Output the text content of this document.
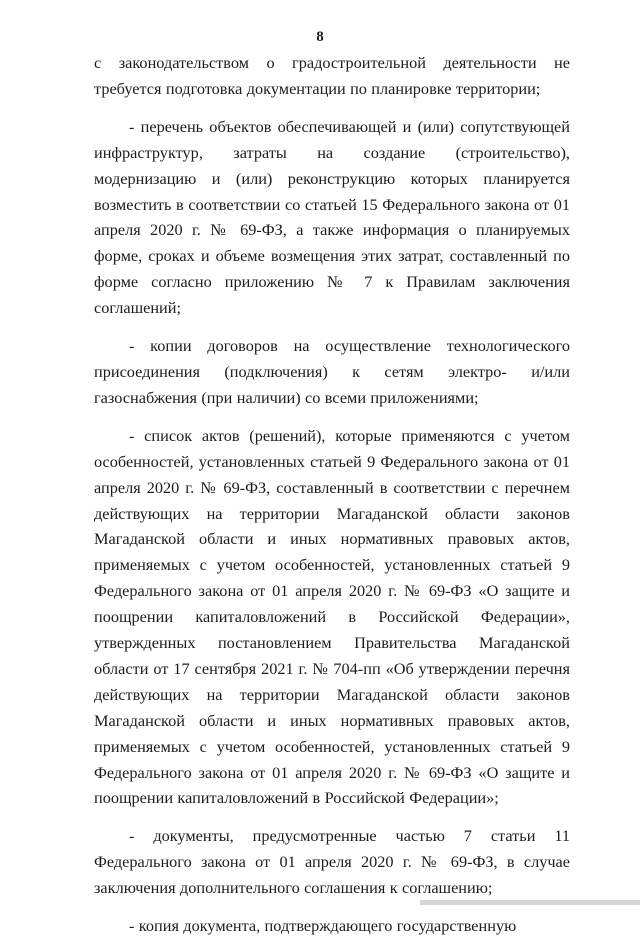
8

с законодательством о градостроительной деятельности не требуется подготовка документации по планировке территории;

- перечень объектов обеспечивающей и (или) сопутствующей инфраструктур, затраты на создание (строительство), модернизацию и (или) реконструкцию которых планируется возместить в соответствии со статьей 15 Федерального закона от 01 апреля 2020 г. № 69-ФЗ, а также информация о планируемых форме, сроках и объеме возмещения этих затрат, составленный по форме согласно приложению № 7 к Правилам заключения соглашений;

- копии договоров на осуществление технологического присоединения (подключения) к сетям электро- и/или газоснабжения (при наличии) со всеми приложениями;

- список актов (решений), которые применяются с учетом особенностей, установленных статьей 9 Федерального закона от 01 апреля 2020 г. № 69-ФЗ, составленный в соответствии с перечнем действующих на территории Магаданской области законов Магаданской области и иных нормативных правовых актов, применяемых с учетом особенностей, установленных статьей 9 Федерального закона от 01 апреля 2020 г. № 69-ФЗ «О защите и поощрении капиталовложений в Российской Федерации», утвержденных постановлением Правительства Магаданской области от 17 сентября 2021 г. № 704-пп «Об утверждении перечня действующих на территории Магаданской области законов Магаданской области и иных нормативных правовых актов, применяемых с учетом особенностей, установленных статьей 9 Федерального закона от 01 апреля 2020 г. № 69-ФЗ «О защите и поощрении капиталовложений в Российской Федерации»;

- документы, предусмотренные частью 7 статьи 11 Федерального закона от 01 апреля 2020 г. № 69-ФЗ, в случае заключения дополнительного соглашения к соглашению;

- копия документа, подтверждающего государственную
